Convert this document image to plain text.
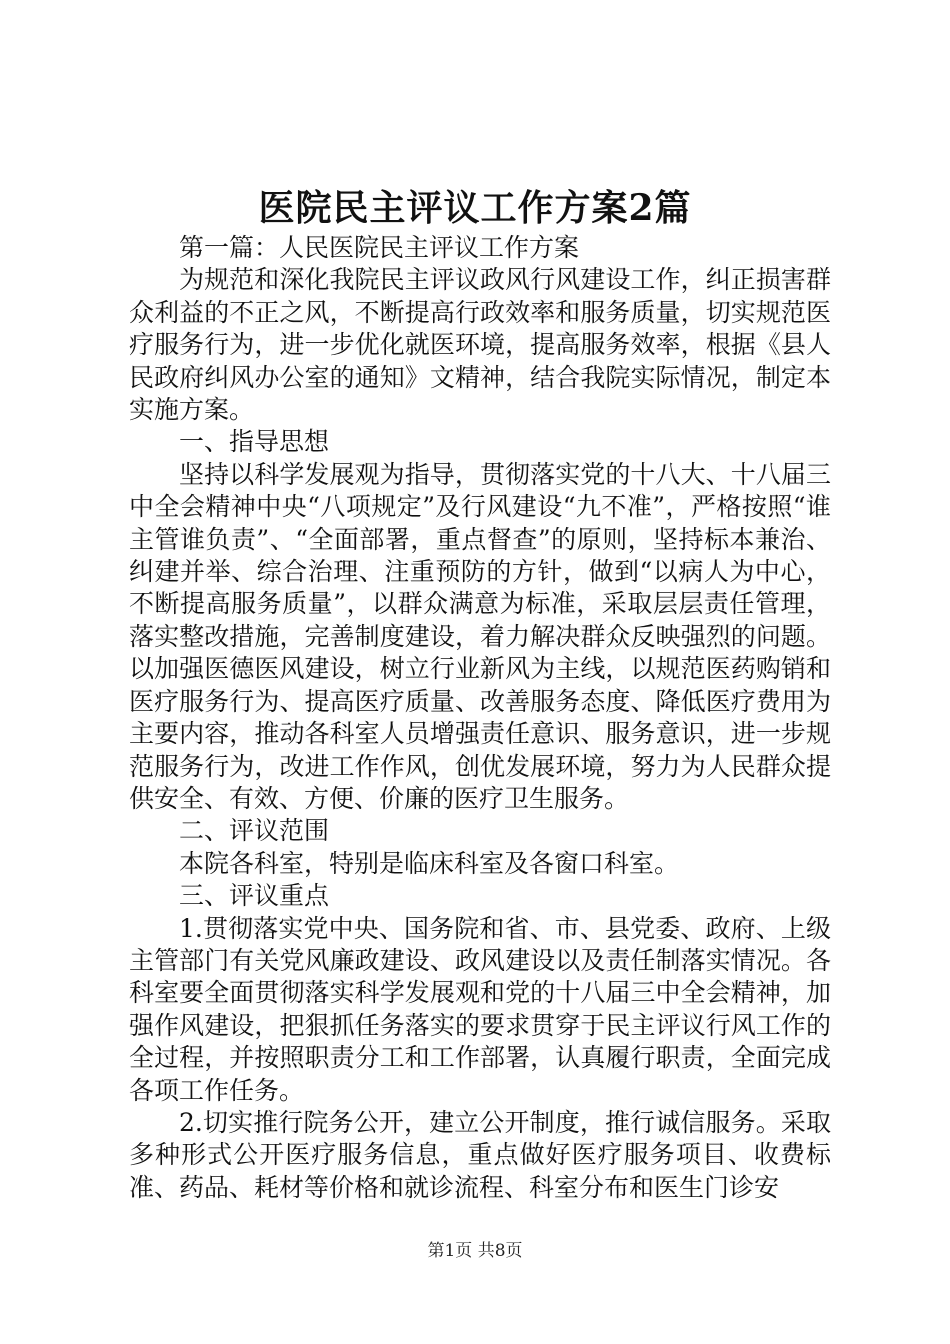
医院民主评议工作方案2篇

第一篇：人民医院民主评议工作方案

为规范和深化我院民主评议政风行风建设工作，纠正损害群众利益的不正之风，不断提高行政效率和服务质量，切实规范医疗服务行为，进一步优化就医环境，提高服务效率，根据《县人民政府纠风办公室的通知》文精神，结合我院实际情况，制定本实施方案。

一、指导思想

坚持以科学发展观为指导，贯彻落实党的十八大、十八届三中全会精神中央“八项规定”及行风建设“九不准”，严格按照“谁主管谁负责”、“全面部署，重点督查”的原则，坚持标本兼治、纠建并举、综合治理、注重预防的方针，做到“以病人为中心，不断提高服务质量”，以群众满意为标准，采取层层责任管理，落实整改措施，完善制度建设，着力解决群众反映强烈的问题。以加强医德医风建设，树立行业新风为主线，以规范医药购销和医疗服务行为、提高医疗质量、改善服务态度、降低医疗费用为主要内容，推动各科室人员增强责任意识、服务意识，进一步规范服务行为，改进工作作风，创优发展环境，努力为人民群众提供安全、有效、方便、价廉的医疗卫生服务。

二、评议范围

本院各科室，特别是临床科室及各窗口科室。

三、评议重点

1.贯彻落实党中央、国务院和省、市、县党委、政府、上级主管部门有关党风廉政建设、政风建设以及责任制落实情况。各科室要全面贯彻落实科学发展观和党的十八届三中全会精神，加强作风建设，把狠抓任务落实的要求贯穿于民主评议行风工作的全过程，并按照职责分工和工作部署，认真履行职责，全面完成各项工作任务。

2.切实推行院务公开，建立公开制度，推行诚信服务。采取多种形式公开医疗服务信息，重点做好医疗服务项目、收费标准、药品、耗材等价格和就诊流程、科室分布和医生门诊安

第1页 共8页
